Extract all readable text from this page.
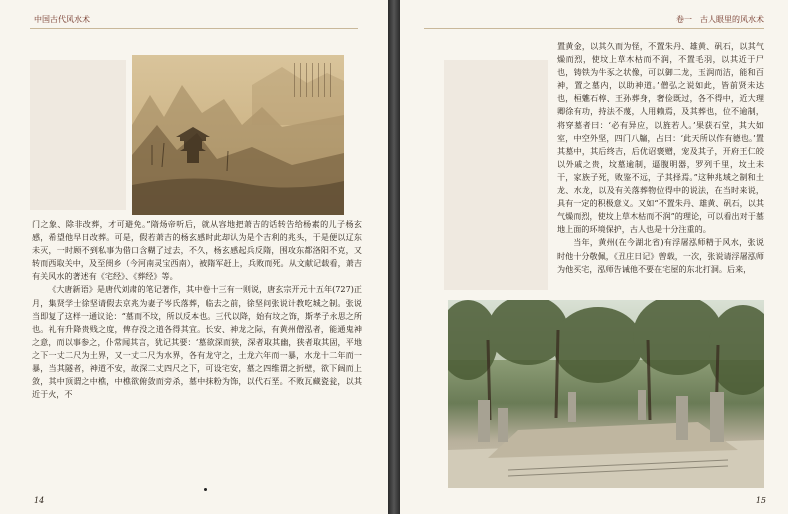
中国古代风水术

门之象、除非改葬，才可避免。”隋炀帝听后，就从容地把萧吉的话转告给杨素的儿子杨玄感，希望他早日改葬。可是，假若萧吉的杨玄感时此却认为是个吉利的兆头，于是便以辽东未灭，一时顾不到私事为借口含糊了过去，不久，杨玄感起兵反隋，围攻东都洛阳不克，又转而西取关中，及至阌乡（今河南灵宝西南），被隋军赶上，兵败而死。从文献记载看，萧吉有关风水的著述有《宅经》、《葬经》等。

《大唐新语》是唐代刘肃的笔记著作，其中卷十三有一则说，唐玄宗开元十五年(727)正月，集贤学士徐坚请假去京兆为妻子岑氏落葬，临去之前，徐坚问张说计教吃城之制。张说当即复了这样一通议论：“墓而不坟，所以反本也。三代以降，始有坟之饰，斯孝子永思之所也。礼有升降贵贱之度，俾存没之道各得其宜。长安、神龙之际，有黄州僧泓者，能通鬼神之意，而以事参之，仆常闻其言，犹记其要：‘墓欲深而狭，深者取其幽，狭者取其固，平地之下一丈二尺为土界，又一丈二尺为水界，各有龙守之，土龙六年而一暴，水龙十二年而一暴，当其隧者，神道不安，故深二丈四尺之下，可设宅安，墓之四维谓之折壁，欲下阔而上敛，其中顶谓之中樵，中樵欲俯敛而旁杀，墓中抹粉为饰，以代石垩。不败瓦藏瓷瓮，以其近于火，不

14
卷一　古人眼里的风水术

置黄金，以其久而为怪，不置朱丹、雄黄、矾石，以其气燥而烈，使坟上草木枯而不润，不置毛羽，以其近于尸也，铸铁为牛豕之状像，可以御二龙，玉润而洁，能和百神，置之墓内，以助神道。’僧弘之说如此，皆前贤未达也，桓魋石椁、王孙葬身，奢俭既过，各不得中，近大理卿徐有功，持法不蔑，人用赖焉，及其葬也，位不逾制，将穿墓者曰：‘必有异应，以旌若人。’果获石堂，其大如室，中空外坚，四门八牖，占曰：‘此天所以作有德也。’置其墓中，其后终吉，后优诏褒赠，宠及其子，开府王仁皎以外戚之贵，坟墓逾制，逼腹明器，罗列千里，坟土未干，家族子死，败鉴不远，子其择焉。”这种兆域之制和土龙、水龙，以及有关落葬物位得中的说法，在当时来说，具有一定的积极意义。又如“不置朱丹、雄黄、矾石，以其气燥而烈，使坟上草木枯而不润”的理论，可以看出对于墓地上面的环境保护，古人也是十分注重的。

当年，黄州(在今湖北省)有浮屠泓师精于风水，张说时他十分敬佩，《丑庄日记》曾载，一次，张说请浮屠泓师为他买宅，泓师告诫他不要在宅屋的东北打洞。后来，

15
